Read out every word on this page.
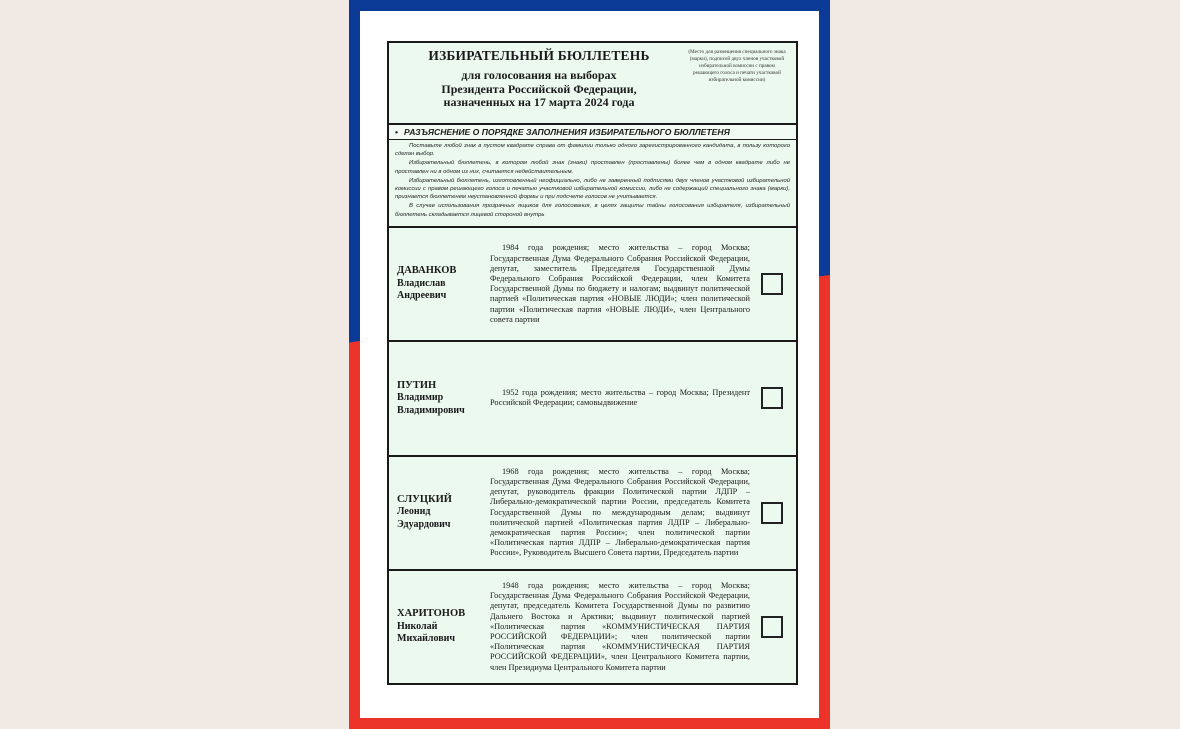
ИЗБИРАТЕЛЬНЫЙ БЮЛЛЕТЕНЬ
для голосования на выборах
Президента Российской Федерации,
назначенных на 17 марта 2024 года
(Место для размещения специального знака (марки), подписей двух членов участковой избирательной комиссии с правом решающего голоса и печати участковой избирательной комиссии)
• РАЗЪЯСНЕНИЕ О ПОРЯДКЕ ЗАПОЛНЕНИЯ ИЗБИРАТЕЛЬНОГО БЮЛЛЕТЕНЯ

Поставьте любой знак в пустом квадрате справа от фамилии только одного зарегистрированного кандидата, в пользу которого сделан выбор.

Избирательный бюллетень, в котором любой знак (знаки) проставлен (проставлены) более чем в одном квадрате либо не проставлен ни в одном из них, считается недействительным.

Избирательный бюллетень, изготовленный неофициально, либо не заверенный подписями двух членов участковой избирательной комиссии с правом решающего голоса и печатью участковой избирательной комиссии, либо не содержащий специального знака (марки), признается бюллетенем неустановленной формы и при подсчете голосов не учитывается.

В случае использования прозрачных ящиков для голосования, в целях защиты тайны голосования избирателя, избирательный бюллетень складывается лицевой стороной внутрь

ДАВАНКОВ
Владислав
Андреевич
1984 года рождения; место жительства – город Москва; Государственная Дума Федерального Собрания Российской Федерации, депутат, заместитель Председателя Государственной Думы Федерального Собрания Российской Федерации, член Комитета Государственной Думы по бюджету и налогам; выдвинут политической партией «Политическая партия «НОВЫЕ ЛЮДИ»; член политической партии «Политическая партия «НОВЫЕ ЛЮДИ», член Центрального совета партии
ПУТИН
Владимир
Владимирович
1952 года рождения; место жительства – город Москва; Президент Российской Федерации; самовыдвижение
СЛУЦКИЙ
Леонид
Эдуардович
1968 года рождения; место жительства – город Москва; Государственная Дума Федерального Собрания Российской Федерации, депутат, руководитель фракции Политической партии ЛДПР – Либерально-демократической партии России, председатель Комитета Государственной Думы по международным делам; выдвинут политической партией «Политическая партия ЛДПР – Либерально-демократическая партия России»; член политической партии «Политическая партия ЛДПР – Либерально-демократическая партия России», Руководитель Высшего Совета партии, Председатель партии
ХАРИТОНОВ
Николай
Михайлович
1948 года рождения; место жительства – город Москва; Государственная Дума Федерального Собрания Российской Федерации, депутат, председатель Комитета Государственной Думы по развитию Дальнего Востока и Арктики; выдвинут политической партией «Политическая партия «КОММУНИСТИЧЕСКАЯ ПАРТИЯ РОССИЙСКОЙ ФЕДЕРАЦИИ»; член политической партии «Политическая партия «КОММУНИСТИЧЕСКАЯ ПАРТИЯ РОССИЙСКОЙ ФЕДЕРАЦИИ», член Центрального Комитета партии, член Президиума Центрального Комитета партии
